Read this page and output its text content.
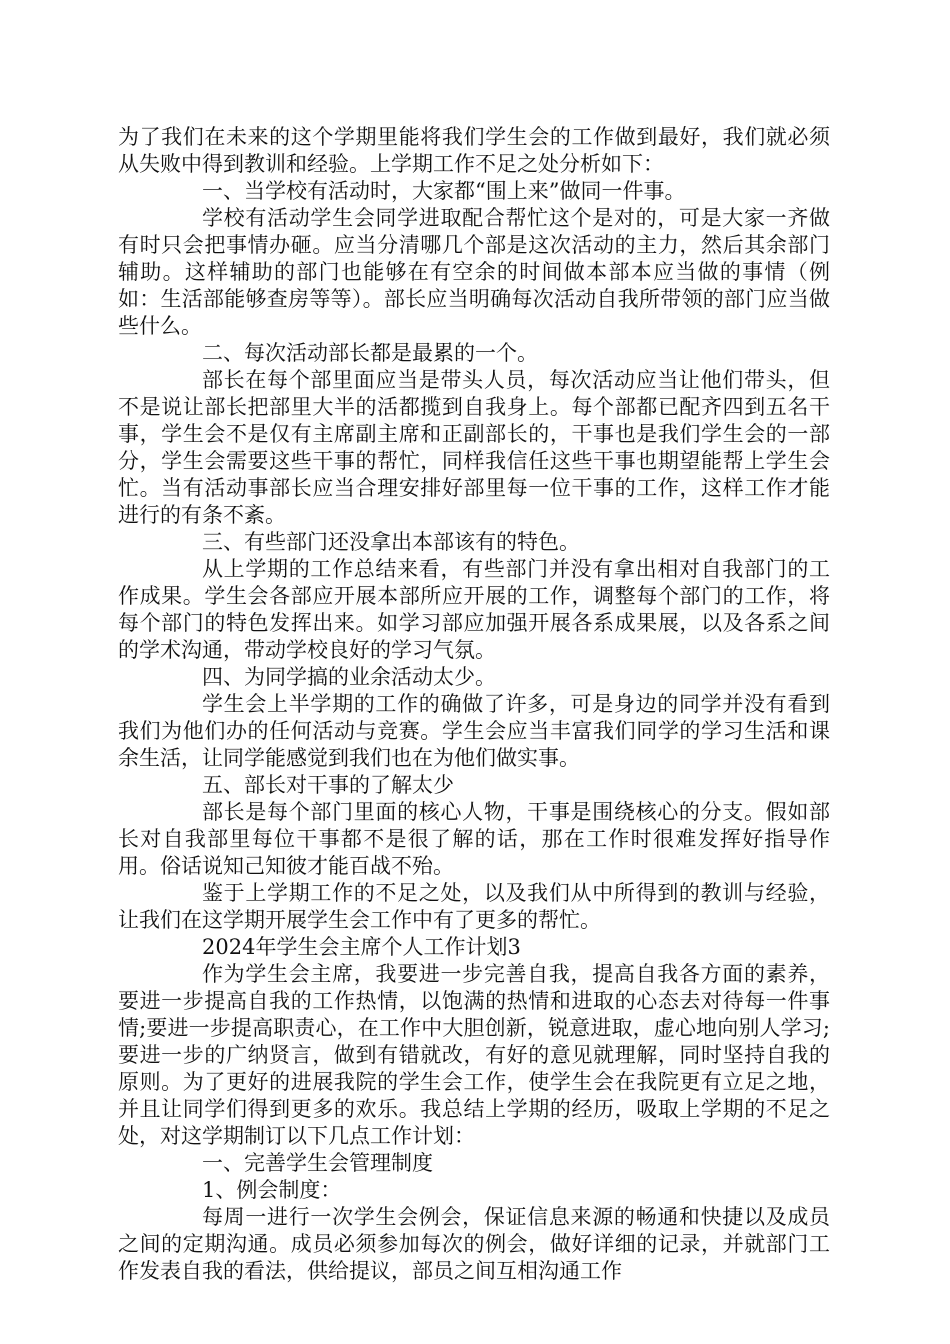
为了我们在未来的这个学期里能将我们学生会的工作做到最好，我们就必须从失败中得到教训和经验。上学期工作不足之处分析如下：

一、当学校有活动时，大家都“围上来”做同一件事。

学校有活动学生会同学进取配合帮忙这个是对的，可是大家一齐做有时只会把事情办砸。应当分清哪几个部是这次活动的主力，然后其余部门辅助。这样辅助的部门也能够在有空余的时间做本部本应当做的事情（例如：生活部能够查房等等）。部长应当明确每次活动自我所带领的部门应当做些什么。

二、每次活动部长都是最累的一个。

部长在每个部里面应当是带头人员，每次活动应当让他们带头，但不是说让部长把部里大半的活都揽到自我身上。每个部都已配齐四到五名干事，学生会不是仅有主席副主席和正副部长的，干事也是我们学生会的一部分，学生会需要这些干事的帮忙，同样我信任这些干事也期望能帮上学生会忙。当有活动事部长应当合理安排好部里每一位干事的工作，这样工作才能进行的有条不紊。

三、有些部门还没拿出本部该有的特色。

从上学期的工作总结来看，有些部门并没有拿出相对自我部门的工作成果。学生会各部应开展本部所应开展的工作，调整每个部门的工作，将每个部门的特色发挥出来。如学习部应加强开展各系成果展，以及各系之间的学术沟通，带动学校良好的学习气氛。

四、为同学搞的业余活动太少。

学生会上半学期的工作的确做了许多，可是身边的同学并没有看到我们为他们办的任何活动与竞赛。学生会应当丰富我们同学的学习生活和课余生活，让同学能感觉到我们也在为他们做实事。

五、部长对干事的了解太少

部长是每个部门里面的核心人物，干事是围绕核心的分支。假如部长对自我部里每位干事都不是很了解的话，那在工作时很难发挥好指导作用。俗话说知己知彼才能百战不殆。

鉴于上学期工作的不足之处，以及我们从中所得到的教训与经验，让我们在这学期开展学生会工作中有了更多的帮忙。

2024年学生会主席个人工作计划3

作为学生会主席，我要进一步完善自我，提高自我各方面的素养，要进一步提高自我的工作热情，以饱满的热情和进取的心态去对待每一件事情;要进一步提高职责心，在工作中大胆创新，锐意进取，虚心地向别人学习;要进一步的广纳贤言，做到有错就改，有好的意见就理解，同时坚持自我的原则。为了更好的进展我院的学生会工作，使学生会在我院更有立足之地，并且让同学们得到更多的欢乐。我总结上学期的经历，吸取上学期的不足之处，对这学期制订以下几点工作计划：

一、完善学生会管理制度

1、例会制度：

每周一进行一次学生会例会，保证信息来源的畅通和快捷以及成员之间的定期沟通。成员必须参加每次的例会，做好详细的记录，并就部门工作发表自我的看法，供给提议，部员之间互相沟通工作
